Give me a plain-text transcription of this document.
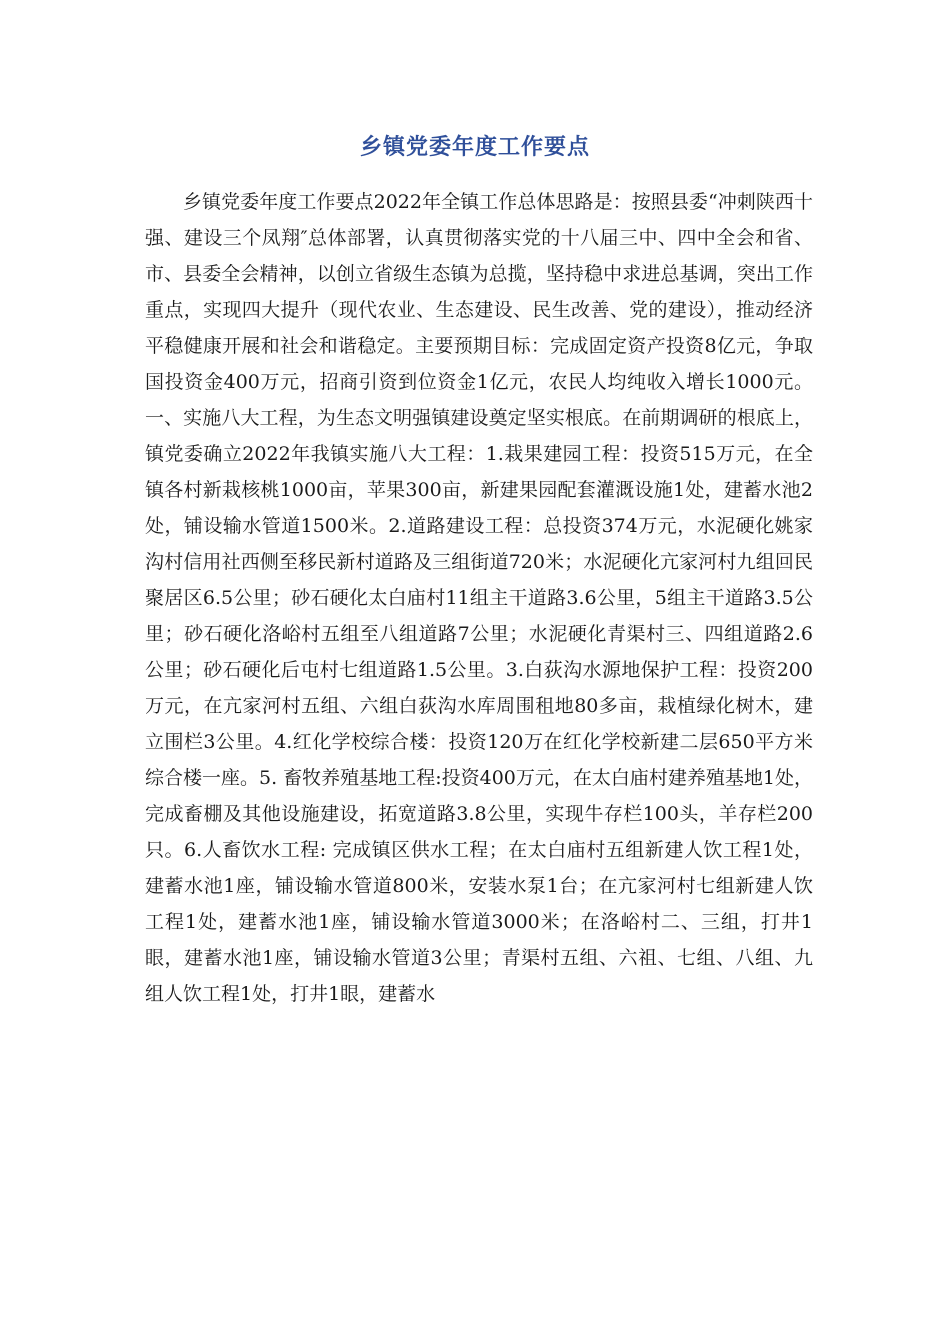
乡镇党委年度工作要点

乡镇党委年度工作要点2022年全镇工作总体思路是：按照县委“冲刺陕西十强、建设三个凤翔″总体部署，认真贯彻落实党的十八届三中、四中全会和省、市、县委全会精神，以创立省级生态镇为总揽，坚持稳中求进总基调，突出工作重点，实现四大提升（现代农业、生态建设、民生改善、党的建设），推动经济平稳健康开展和社会和谐稳定。主要预期目标：完成固定资产投资8亿元，争取国投资金400万元，招商引资到位资金1亿元，农民人均纯收入增长1000元。一、实施八大工程，为生态文明强镇建设奠定坚实根底。在前期调研的根底上，镇党委确立2022年我镇实施八大工程：1.栽果建园工程：投资515万元，在全镇各村新栽核桃1000亩，苹果300亩，新建果园配套灌溉设施1处，建蓄水池2处，铺设输水管道1500米。2.道路建设工程：总投资374万元，水泥硬化姚家沟村信用社西侧至移民新村道路及三组街道720米；水泥硬化亢家河村九组回民聚居区6.5公里；砂石硬化太白庙村11组主干道路3.6公里，5组主干道路3.5公里；砂石硬化洛峪村五组至八组道路7公里；水泥硬化青渠村三、四组道路2.6公里；砂石硬化后屯村七组道路1.5公里。3.白荻沟水源地保护工程：投资200万元，在亢家河村五组、六组白荻沟水库周围租地80多亩，栽植绿化树木，建立围栏3公里。4.红化学校综合楼：投资120万在红化学校新建二层650平方米综合楼一座。5. 畜牧养殖基地工程:投资400万元，在太白庙村建养殖基地1处，完成畜棚及其他设施建设，拓宽道路3.8公里，实现牛存栏100头，羊存栏200只。6.人畜饮水工程: 完成镇区供水工程；在太白庙村五组新建人饮工程1处，建蓄水池1座，铺设输水管道800米，安装水泵1台；在亢家河村七组新建人饮工程1处，建蓄水池1座，铺设输水管道3000米；在洛峪村二、三组，打井1眼，建蓄水池1座，铺设输水管道3公里；青渠村五组、六祖、七组、八组、九组人饮工程1处，打井1眼，建蓄水
